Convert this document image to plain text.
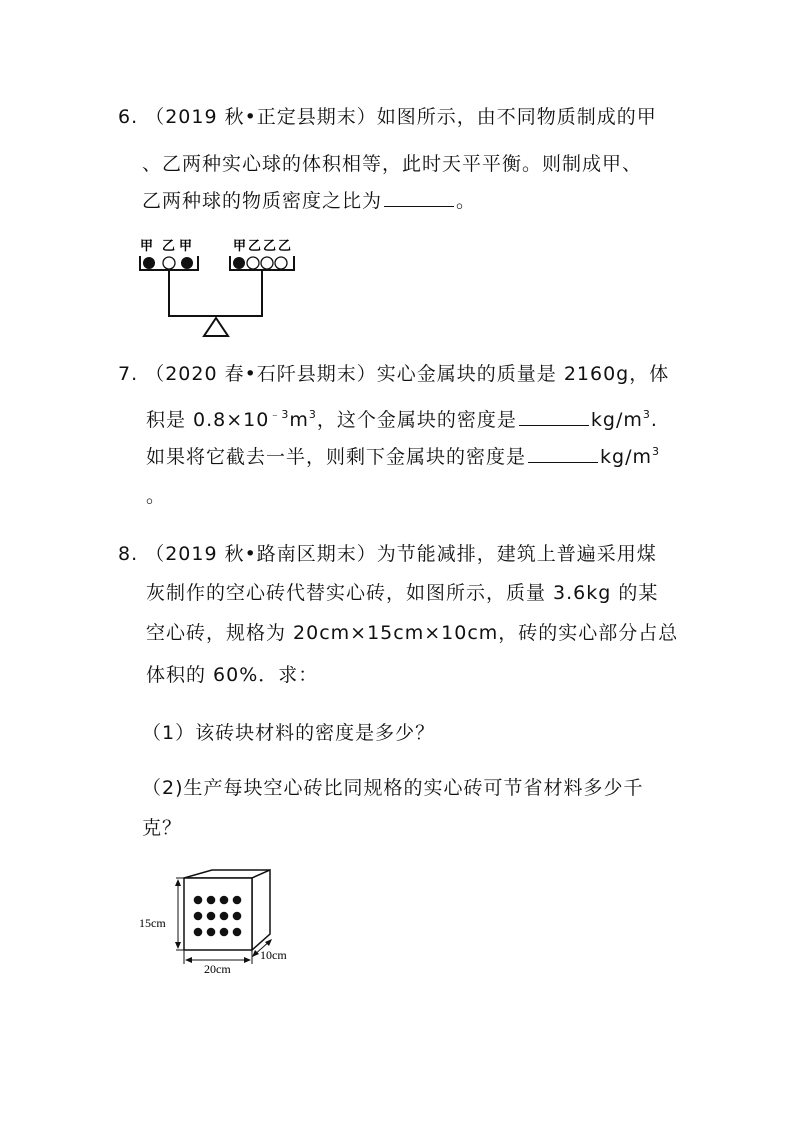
6. （2019 秋•正定县期末）如图所示，由不同物质制成的甲
、乙两种实心球的体积相等，此时天平平衡。则制成甲、
乙两种球的物质密度之比为	。
甲 乙 甲	甲 乙 乙 乙
7. （2020 春•石阡县期末）实心金属块的质量是 2160g，体
积是 $0.8\times 10^{﹣3}m^3$，这个金属块的密度是	$kg/m^3$.
如果将它截去一半，则剩下金属块的密度是	$kg/m^3$
。
8. （2019 秋•路南区期末）为节能减排，建筑上普遍采用煤
灰制作的空心砖代替实心砖，如图所示，质量 3.6kg 的某
空心砖，规格为 20cm×15cm×10cm，砖的实心部分占总
体积的 60%．求：
（1）该砖块材料的密度是多少？
（2)生产每块空心砖比同规格的实心砖可节省材料多少千
克？
15cm
20cm
10cm
